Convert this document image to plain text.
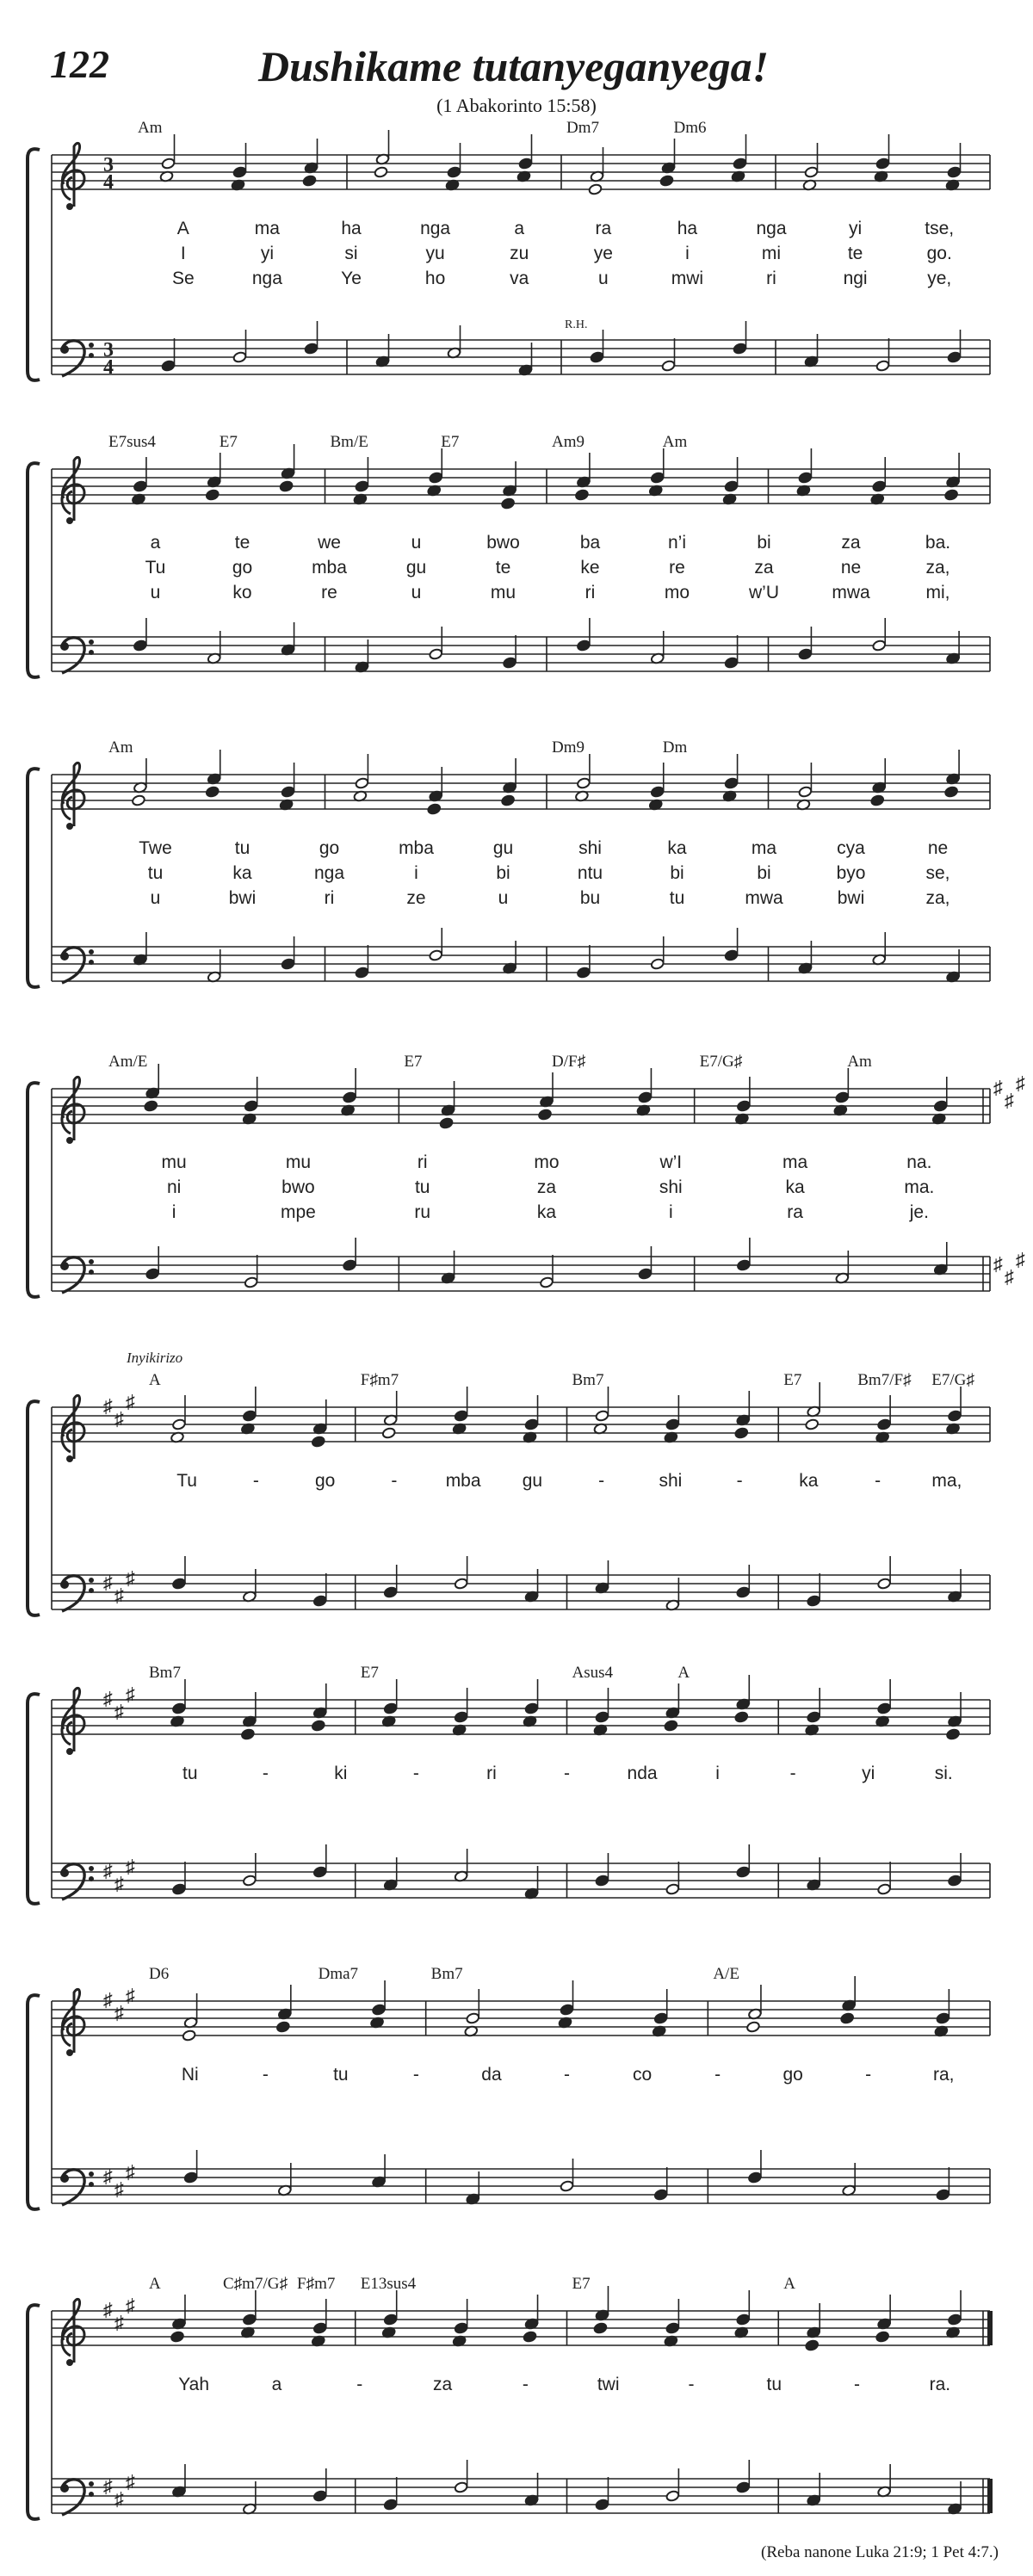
122	Dushikame tutanyeganyega!
(1 Abakorinto 15:58)
3
4
Am	Dm7	Dm6
A	ma	ha	nga	a	ra	ha	nga	yi	tse,
I	yi	si	yu	zu	ye	i	mi	te	go.
Se	nga	Ye	ho	va	u	mwi	ri	ngi	ye,
3
4
R.H.
E7sus4	E7	Bm/E	E7	Am9	Am
a	te	we	u	bwo	ba	n’i	bi	za	ba.
Tu	go	mba	gu	te	ke	re	za	ne	za,
u	ko	re	u	mu	ri	mo	w’U	mwa	mi,
Am	Dm9	Dm
Twe	tu	go	mba	gu	shi	ka	ma	cya	ne
tu	ka	nga	i	bi	ntu	bi	bi	byo	se,
u	bwi	ri	ze	u	bu	tu	mwa	bwi	za,
Am/E	E7	D/F♯	E7/G♯	Am
mu	mu	ri	mo	w’I	ma	na.
ni	bwo	tu	za	shi	ka	ma.
i	mpe	ru	ka	i	ra	je.
♯
♯
♯
♯
♯
♯
♯
♯
♯
A	F♯m7	Bm7	E7	Bm7/F♯ E7/G♯
Tu	-	go	-	mba gu	-	shi	-	ka	-	ma,
Inyikirizo
♯
♯
♯
♯
♯
♯
Bm7	E7	Asus4	A
tu	-	ki	-	ri	-	nda	i	-	yi	si.
♯
♯
♯
♯
♯
♯
D6	Dma7	Bm7	A/E
Ni	-	tu	-	da	-	co	-	go	-	ra,
♯
♯
♯
♯
♯
♯
A	C♯m7/G♯ F♯m7 E13sus4	E7	A
Yah	a	-	za	-	twi	-	tu	-	ra.
♯
♯
♯
(Reba nanone Luka 21:9; 1 Pet 4:7.)
